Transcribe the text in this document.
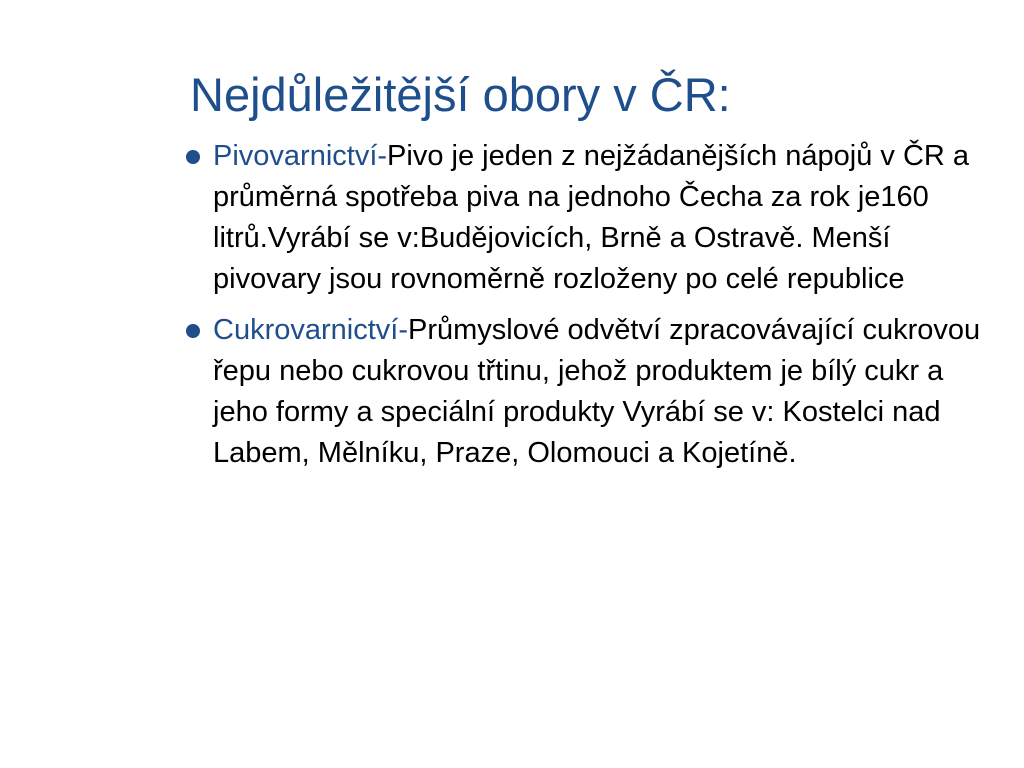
Nejdůležitější obory v ČR:
Pivovarnictví-Pivo je jeden z nejžádanějších nápojů v ČR a průměrná spotřeba piva na jednoho Čecha za rok je160 litrů.Vyrábí se v:Budějovicích, Brně a Ostravě. Menší pivovary jsou rovnoměrně rozloženy po celé republice
Cukrovarnictví-Průmyslové odvětví zpracovávající cukrovou řepu nebo cukrovou třtinu, jehož produktem je bílý cukr a jeho formy a speciální produkty Vyrábí se v: Kostelci nad Labem, Mělníku, Praze, Olomouci a Kojetíně.
